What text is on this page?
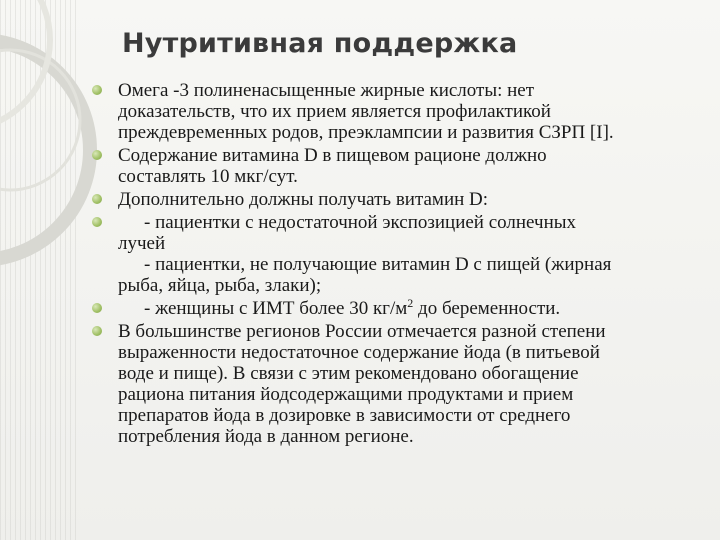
Нутритивная поддержка
Омега -3 полиненасыщенные жирные кислоты: нет
доказательств, что их прием является профилактикой
преждевременных родов, преэклампсии и развития СЗРП [I].
Содержание витамина D в пищевом рационе должно
составлять 10 мкг/сут.
Дополнительно должны получать витамин D:
- пациентки с недостаточной экспозицией солнечных
лучей
- пациентки, не получающие витамин D с пищей (жирная
рыба, яйца, рыба, злаки);
- женщины с ИМТ более 30 $кг/м^2$ до беременности.
В большинстве регионов России отмечается разной степени
выраженности недостаточное содержание йода (в питьевой
воде и пище). В связи с этим рекомендовано обогащение
рациона питания йодсодержащими продуктами и прием
препаратов йода в дозировке в зависимости от среднего
потребления йода в данном регионе.
